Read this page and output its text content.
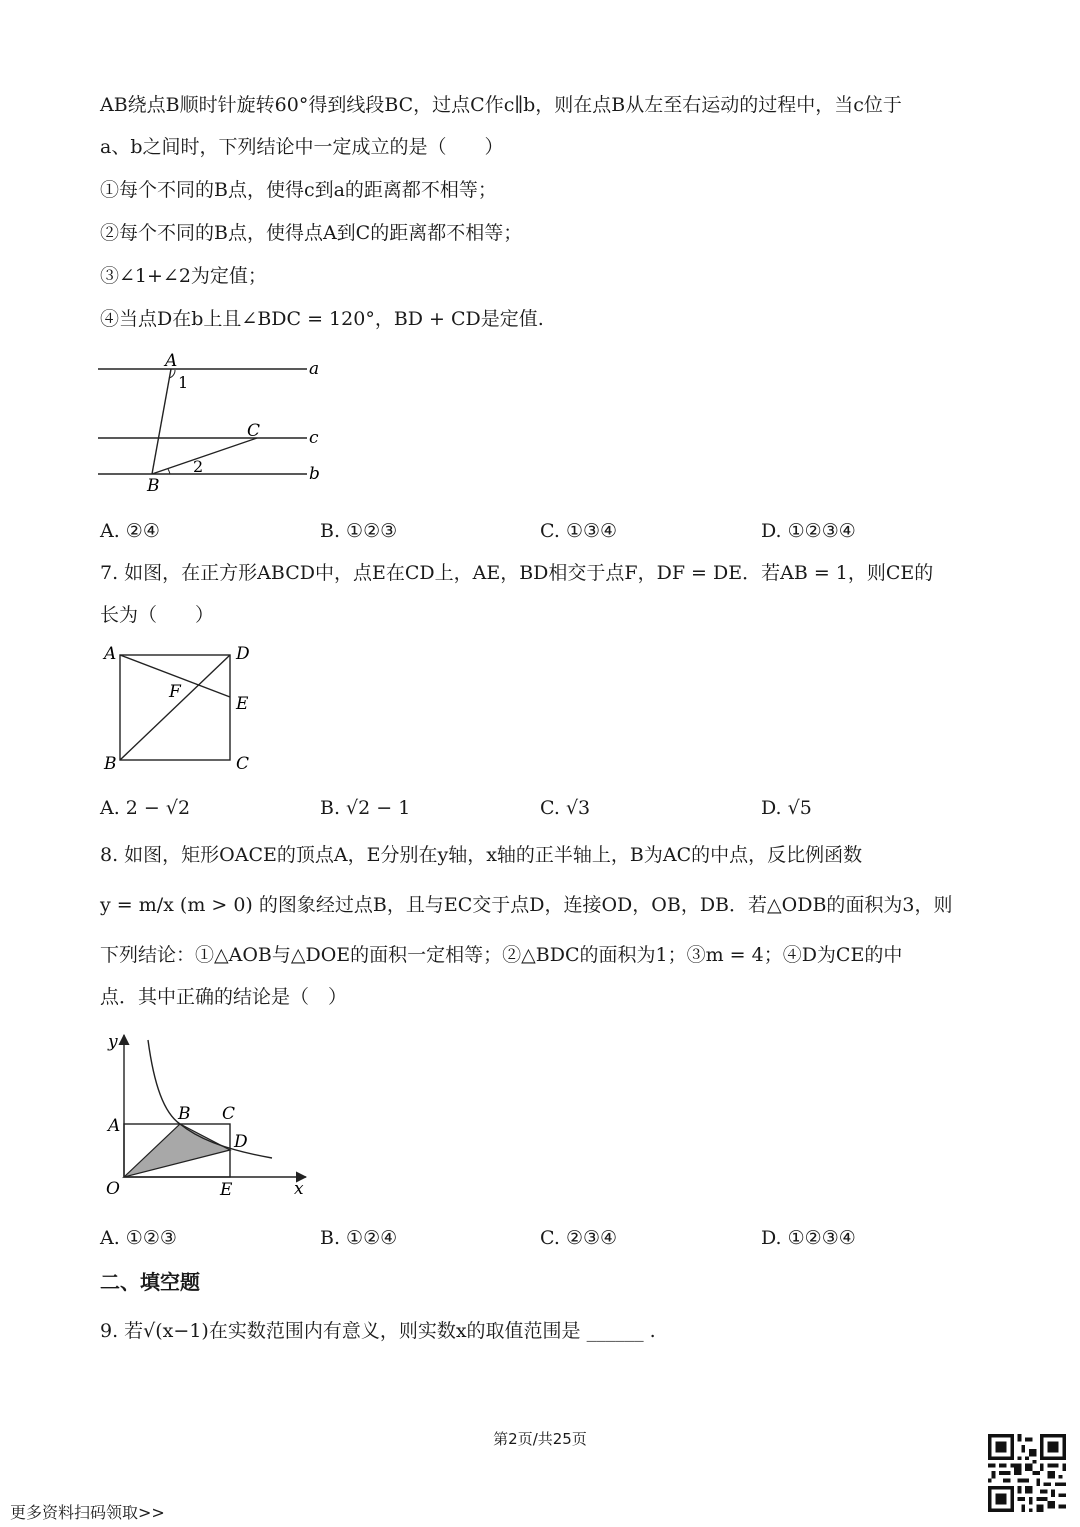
AB绕点B顺时针旋转60°得到线段BC，过点C作c∥b，则在点B从左至右运动的过程中，当c位于
a、b之间时，下列结论中一定成立的是（　　）
①每个不同的B点，使得c到a的距离都不相等；
②每个不同的B点，使得点A到C的距离都不相等；
③∠1+∠2为定值；
④当点D在b上且∠BDC = 120°，BD + CD是定值.
A
1
C
2
B
a
c
b
A. ②④	B. ①②③	C. ①③④	D. ①②③④
7. 如图，在正方形ABCD中，点E在CD上，AE，BD相交于点F，DF = DE．若AB = 1，则CE的
长为（　　）
A	D
F
E
B	C
A. 2 − √2	B. √2 − 1	C. √3	D. √5
8. 如图，矩形OACE的顶点A，E分别在y轴，x轴的正半轴上，B为AC的中点，反比例函数
y = m/x (m > 0) 的图象经过点B，且与EC交于点D，连接OD，OB，DB．若△ODB的面积为3，则
下列结论：①△AOB与△DOE的面积一定相等；②△BDC的面积为1；③m = 4；④D为CE的中
点．其中正确的结论是（　）
y
A
B C
D
O	E	x
A. ①②③	B. ①②④	C. ②③④	D. ①②③④
二、填空题
9. 若√(x−1)在实数范围内有意义，则实数x的取值范围是 ______ .
第2页/共25页
更多资料扫码领取>>
